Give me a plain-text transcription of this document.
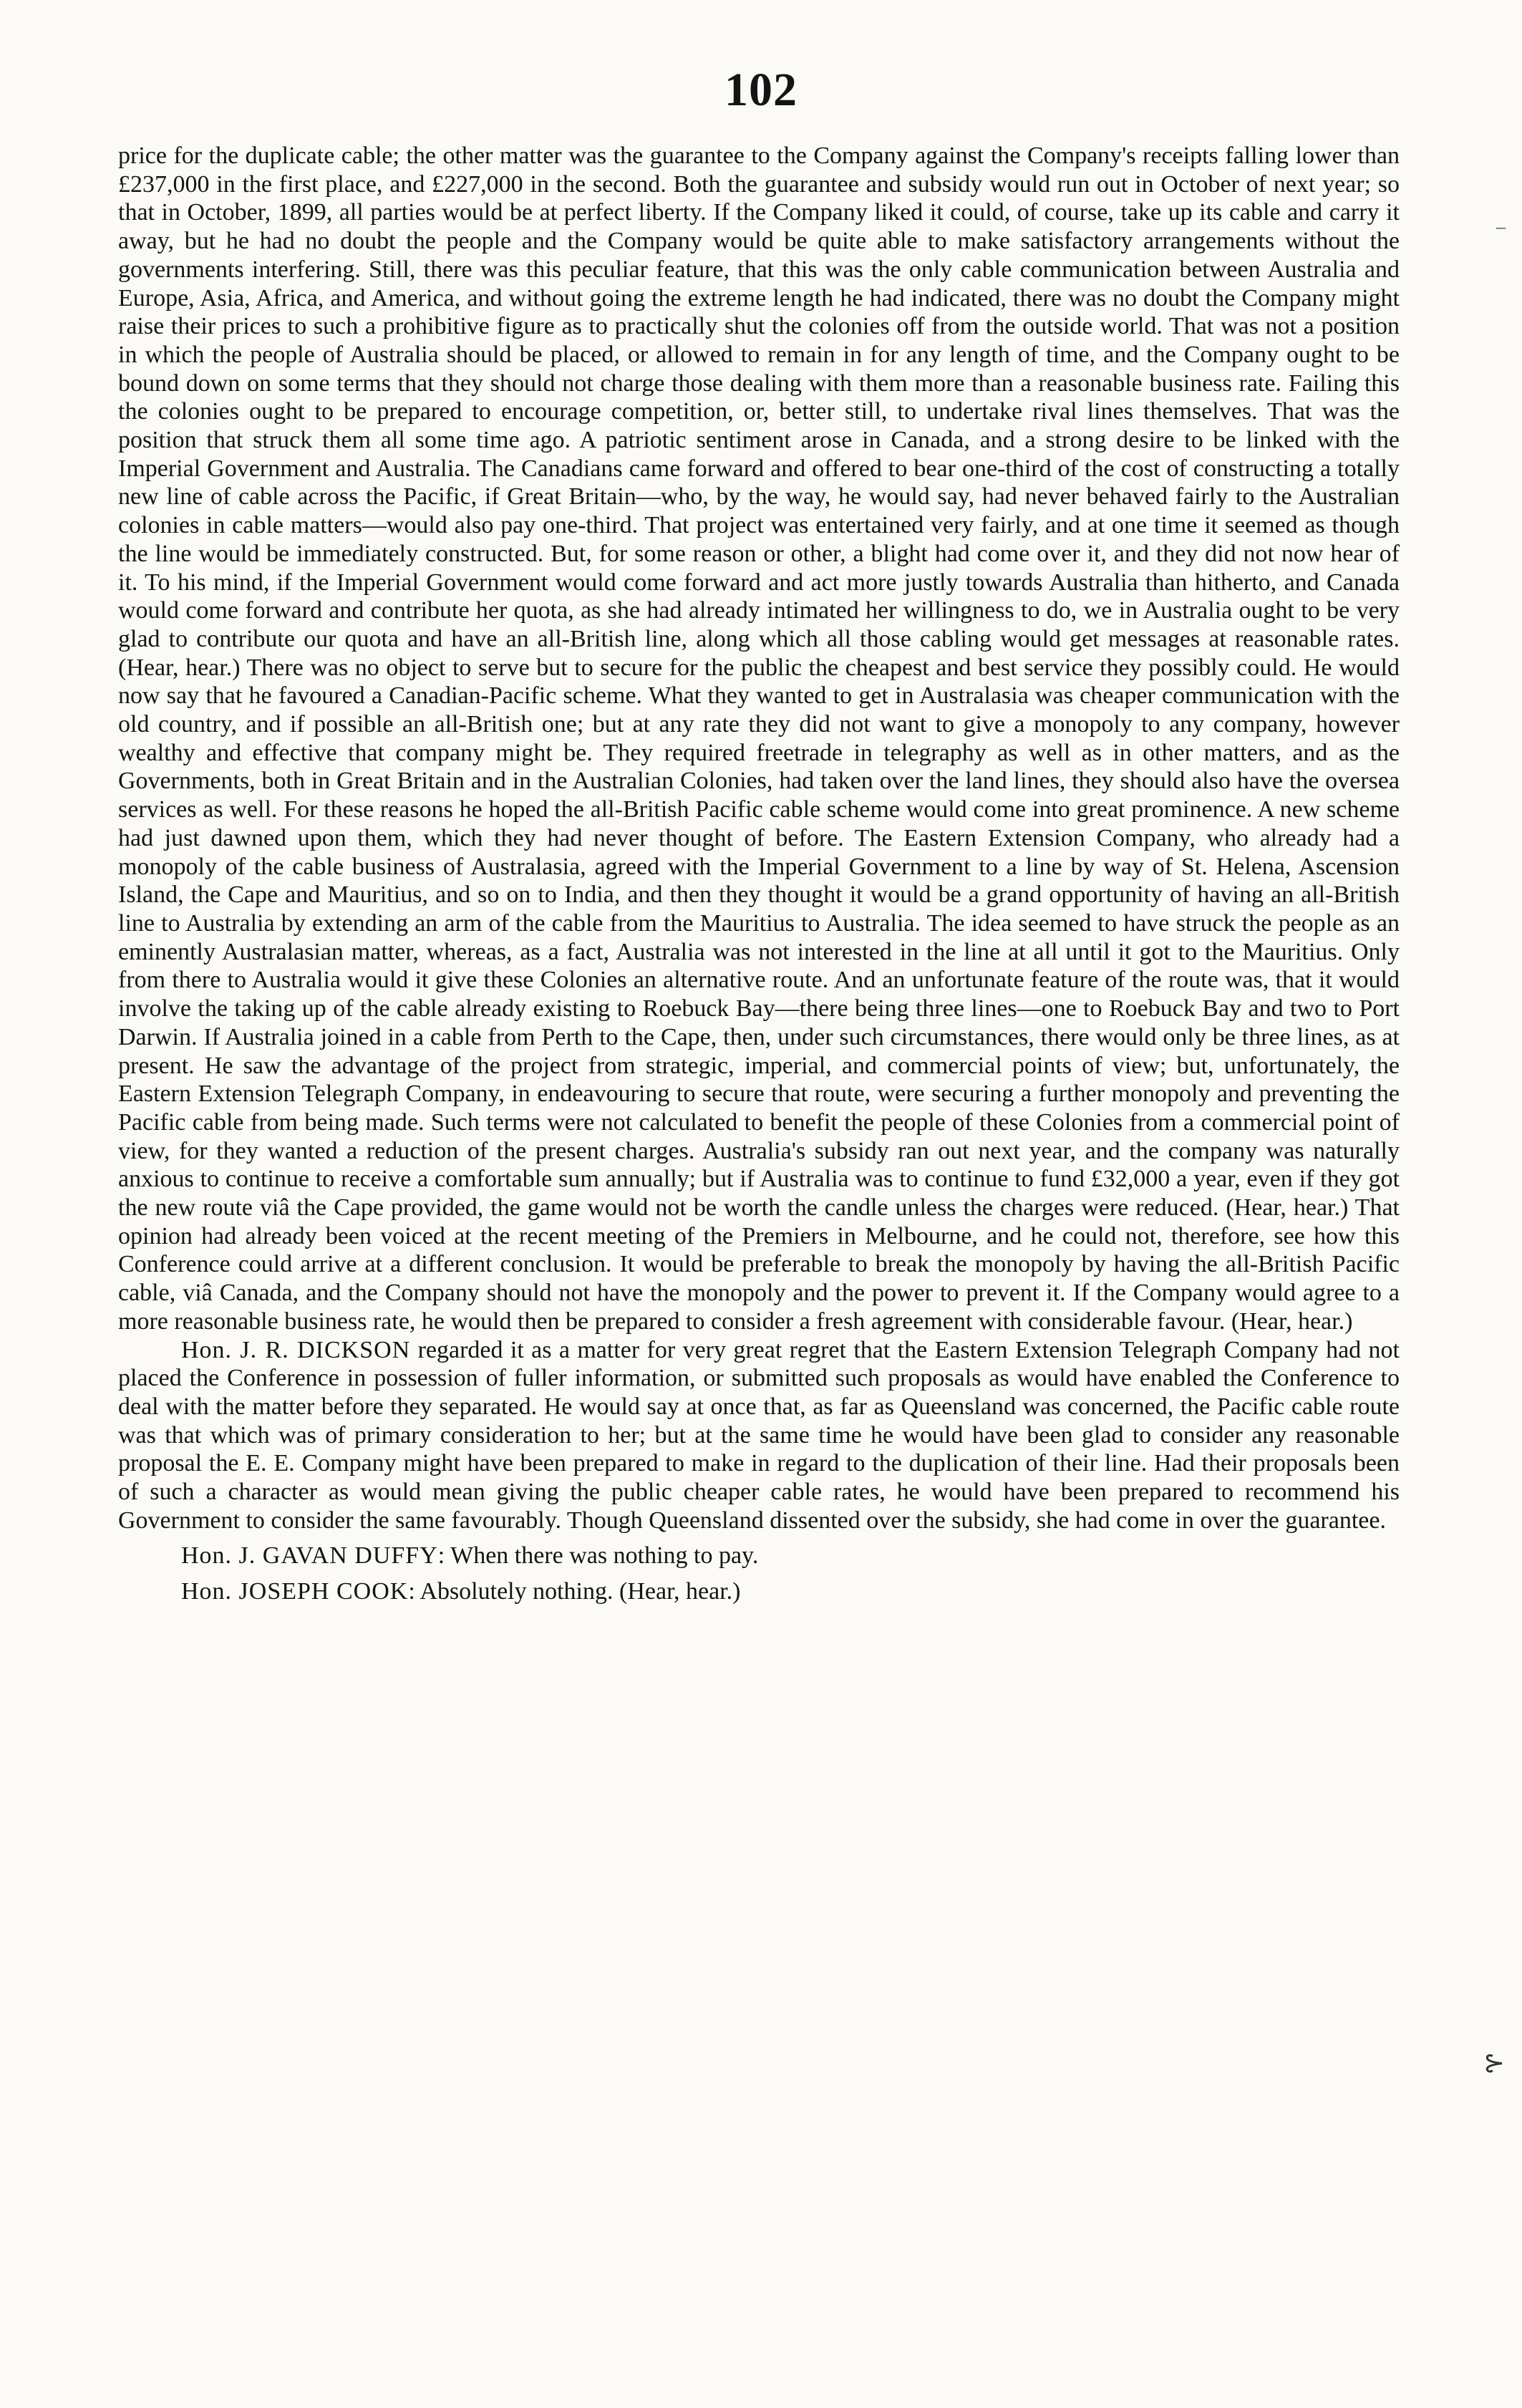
102

price for the duplicate cable; the other matter was the guarantee to the Company against the Company's receipts falling lower than £237,000 in the first place, and £227,000 in the second. Both the guarantee and subsidy would run out in October of next year; so that in October, 1899, all parties would be at perfect liberty. If the Company liked it could, of course, take up its cable and carry it away, but he had no doubt the people and the Company would be quite able to make satisfactory arrangements without the governments interfering. Still, there was this peculiar feature, that this was the only cable communication between Australia and Europe, Asia, Africa, and America, and without going the extreme length he had indicated, there was no doubt the Company might raise their prices to such a prohibitive figure as to practically shut the colonies off from the outside world. That was not a position in which the people of Australia should be placed, or allowed to remain in for any length of time, and the Company ought to be bound down on some terms that they should not charge those dealing with them more than a reasonable business rate. Failing this the colonies ought to be prepared to encourage competition, or, better still, to undertake rival lines themselves. That was the position that struck them all some time ago. A patriotic sentiment arose in Canada, and a strong desire to be linked with the Imperial Government and Australia. The Canadians came forward and offered to bear one-third of the cost of constructing a totally new line of cable across the Pacific, if Great Britain—who, by the way, he would say, had never behaved fairly to the Australian colonies in cable matters—would also pay one-third. That project was entertained very fairly, and at one time it seemed as though the line would be immediately constructed. But, for some reason or other, a blight had come over it, and they did not now hear of it. To his mind, if the Imperial Government would come forward and act more justly towards Australia than hitherto, and Canada would come forward and contribute her quota, as she had already intimated her willingness to do, we in Australia ought to be very glad to contribute our quota and have an all-British line, along which all those cabling would get messages at reasonable rates. (Hear, hear.) There was no object to serve but to secure for the public the cheapest and best service they possibly could. He would now say that he favoured a Canadian-Pacific scheme. What they wanted to get in Australasia was cheaper communication with the old country, and if possible an all-British one; but at any rate they did not want to give a monopoly to any company, however wealthy and effective that company might be. They required freetrade in telegraphy as well as in other matters, and as the Governments, both in Great Britain and in the Australian Colonies, had taken over the land lines, they should also have the oversea services as well. For these reasons he hoped the all-British Pacific cable scheme would come into great prominence. A new scheme had just dawned upon them, which they had never thought of before. The Eastern Extension Company, who already had a monopoly of the cable business of Australasia, agreed with the Imperial Government to a line by way of St. Helena, Ascension Island, the Cape and Mauritius, and so on to India, and then they thought it would be a grand opportunity of having an all-British line to Australia by extending an arm of the cable from the Mauritius to Australia. The idea seemed to have struck the people as an eminently Australasian matter, whereas, as a fact, Australia was not interested in the line at all until it got to the Mauritius. Only from there to Australia would it give these Colonies an alternative route. And an unfortunate feature of the route was, that it would involve the taking up of the cable already existing to Roebuck Bay—there being three lines—one to Roebuck Bay and two to Port Darwin. If Australia joined in a cable from Perth to the Cape, then, under such circumstances, there would only be three lines, as at present. He saw the advantage of the project from strategic, imperial, and commercial points of view; but, unfortunately, the Eastern Extension Telegraph Company, in endeavouring to secure that route, were securing a further monopoly and preventing the Pacific cable from being made. Such terms were not calculated to benefit the people of these Colonies from a commercial point of view, for they wanted a reduction of the present charges. Australia's subsidy ran out next year, and the company was naturally anxious to continue to receive a comfortable sum annually; but if Australia was to continue to fund £32,000 a year, even if they got the new route viâ the Cape provided, the game would not be worth the candle unless the charges were reduced. (Hear, hear.) That opinion had already been voiced at the recent meeting of the Premiers in Melbourne, and he could not, therefore, see how this Conference could arrive at a different conclusion. It would be preferable to break the monopoly by having the all-British Pacific cable, viâ Canada, and the Company should not have the monopoly and the power to prevent it. If the Company would agree to a more reasonable business rate, he would then be prepared to consider a fresh agreement with considerable favour. (Hear, hear.)

Hon. J. R. DICKSON regarded it as a matter for very great regret that the Eastern Extension Telegraph Company had not placed the Conference in possession of fuller information, or submitted such proposals as would have enabled the Conference to deal with the matter before they separated. He would say at once that, as far as Queensland was concerned, the Pacific cable route was that which was of primary consideration to her; but at the same time he would have been glad to consider any reasonable proposal the E. E. Company might have been prepared to make in regard to the duplication of their line. Had their proposals been of such a character as would mean giving the public cheaper cable rates, he would have been prepared to recommend his Government to consider the same favourably. Though Queensland dissented over the subsidy, she had come in over the guarantee.

Hon. J. GAVAN DUFFY: When there was nothing to pay.

Hon. JOSEPH COOK: Absolutely nothing. (Hear, hear.)

–
⊱
